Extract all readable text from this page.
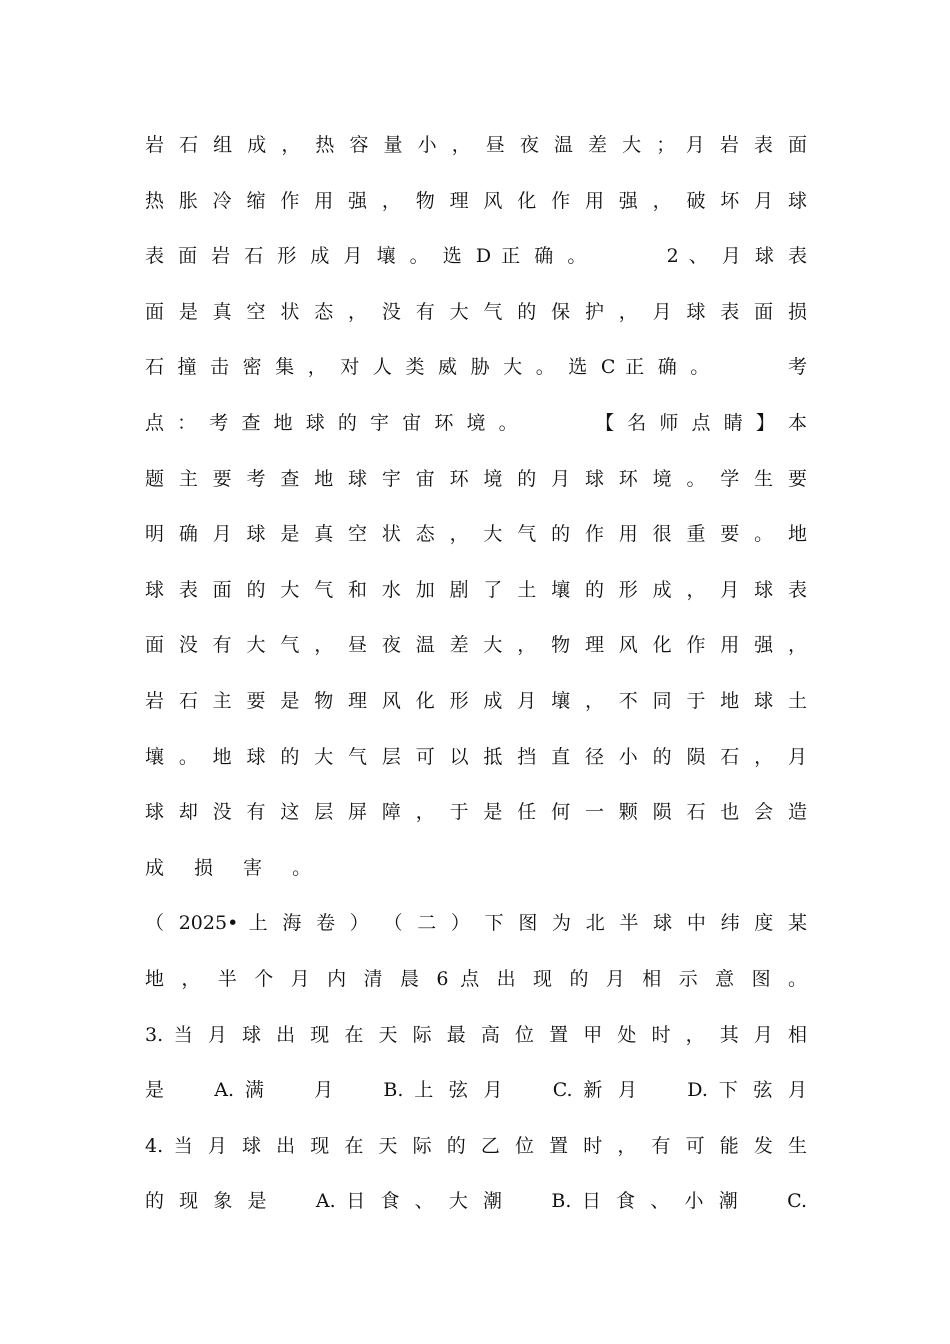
岩 石 组 成 ， 热 容 量 小 ， 昼 夜 温 差 大 ； 月 岩 表 面
热 胀 冷 缩 作 用 强 ， 物 理 风 化 作 用 强 ， 破 坏 月 球
表 面 岩 石 形 成 月 壤 。 选 D 正 确 。 　 　 2 、 月 球 表
面 是 真 空 状 态 ， 没 有 大 气 的 保 护 ， 月 球 表 面 损
石 撞 击 密 集 ， 对 人 类 威 胁 大 。 选 C 正 确 。 　 　 考
点 ： 考 查 地 球 的 宇 宙 环 境 。 　 　 【 名 师 点 睛 】 本
题 主 要 考 查 地 球 宇 宙 环 境 的 月 球 环 境 。 学 生 要
明 确 月 球 是 真 空 状 态 ， 大 气 的 作 用 很 重 要 。 地
球 表 面 的 大 气 和 水 加 剧 了 土 壤 的 形 成 ， 月 球 表
面 没 有 大 气 ， 昼 夜 温 差 大 ， 物 理 风 化 作 用 强 ，
岩 石 主 要 是 物 理 风 化 形 成 月 壤 ， 不 同 于 地 球 土
壤 。 地 球 的 大 气 层 可 以 抵 挡 直 径 小 的 陨 石 ， 月
球 却 没 有 这 层 屏 障 ， 于 是 任 何 一 颗 陨 石 也 会 造
成 损 害 。
（ 2025• 上 海 卷 ） （ 二 ） 下 图 为 北 半 球 中 纬 度 某
地 ， 半 个 月 内 清 晨 6 点 出 现 的 月 相 示 意 图 。
3. 当 月 球 出 现 在 天 际 最 高 位 置 甲 处 时 ， 其 月 相
是 　 A. 满 　 月 　 B. 上 弦 月 　 C. 新 月 　 D. 下 弦 月
4. 当 月 球 出 现 在 天 际 的 乙 位 置 时 ， 有 可 能 发 生
的 现 象 是 　 A. 日 食 、 大 潮 　 B. 日 食 、 小 潮 　 C.
